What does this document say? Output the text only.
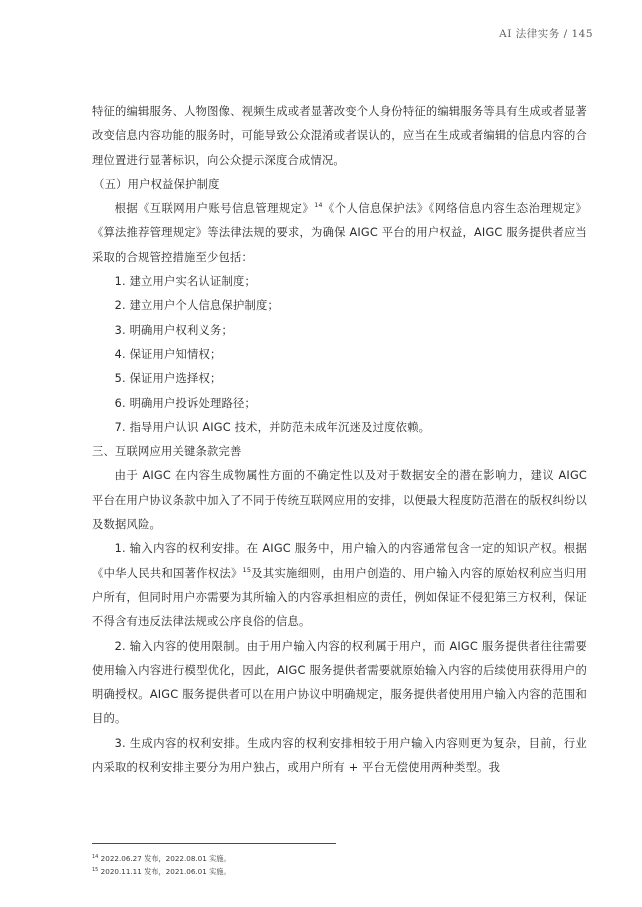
AI 法律实务 / 145

特征的编辑服务、人物图像、视频生成或者显著改变个人身份特征的编辑服务等具有生成或者显著改变信息内容功能的服务时，可能导致公众混淆或者误认的，应当在生成或者编辑的信息内容的合理位置进行显著标识，向公众提示深度合成情况。

（五）用户权益保护制度

根据《互联网用户账号信息管理规定》$^{14}$《个人信息保护法》《网络信息内容生态治理规定》《算法推荐管理规定》等法律法规的要求，为确保 AIGC 平台的用户权益，AIGC 服务提供者应当采取的合规管控措施至少包括：

1. 建立用户实名认证制度；

2. 建立用户个人信息保护制度；

3. 明确用户权利义务；

4. 保证用户知情权；

5. 保证用户选择权；

6. 明确用户投诉处理路径；

7. 指导用户认识 AIGC 技术，并防范未成年沉迷及过度依赖。

三、互联网应用关键条款完善

由于 AIGC 在内容生成物属性方面的不确定性以及对于数据安全的潜在影响力，建议 AIGC 平台在用户协议条款中加入了不同于传统互联网应用的安排，以便最大程度防范潜在的版权纠纷以及数据风险。

1. 输入内容的权利安排。在 AIGC 服务中，用户输入的内容通常包含一定的知识产权。根据《中华人民共和国著作权法》$^{15}$及其实施细则，由用户创造的、用户输入内容的原始权利应当归用户所有，但同时用户亦需要为其所输入的内容承担相应的责任，例如保证不侵犯第三方权利，保证不得含有违反法律法规或公序良俗的信息。

2. 输入内容的使用限制。由于用户输入内容的权利属于用户，而 AIGC 服务提供者往往需要使用输入内容进行模型优化，因此，AIGC 服务提供者需要就原始输入内容的后续使用获得用户的明确授权。AIGC 服务提供者可以在用户协议中明确规定，服务提供者使用用户输入内容的范围和目的。

3. 生成内容的权利安排。生成内容的权利安排相较于用户输入内容则更为复杂，目前，行业内采取的权利安排主要分为用户独占，或用户所有 + 平台无偿使用两种类型。我

$^{14}$ 2022.06.27 发布，2022.08.01 实施。
$^{15}$ 2020.11.11 发布，2021.06.01 实施。
